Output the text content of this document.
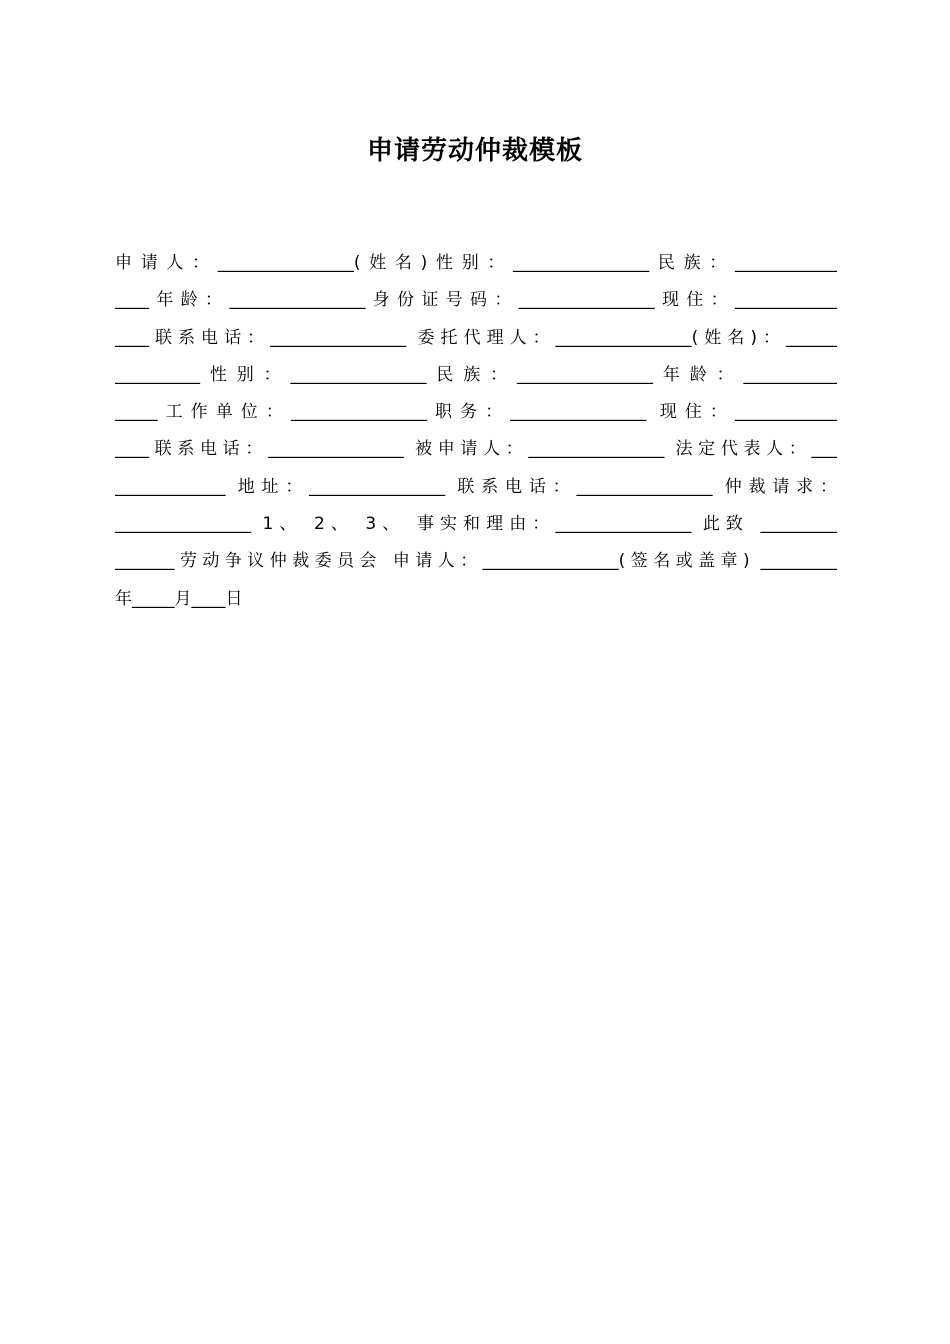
申请劳动仲裁模板
申请人：________________(姓名)性别：________________民族：____________
____年龄：________________身份证号码：________________现住：____________
____联系电话：________________ 委托代理人：________________(姓名)：______
__________性别：________________民族：________________年龄：___________
_____工作单位：________________职务：________________ 现住：____________
____联系电话：________________ 被申请人：________________ 法定代表人：___
_____________ 地址：________________ 联系电话：________________ 仲裁请求：
________________ 1、 2、 3、 事实和理由：________________ 此致 _________
_______劳动争议仲裁委员会 申请人：________________(签名或盖章) _________
年_____月____日
